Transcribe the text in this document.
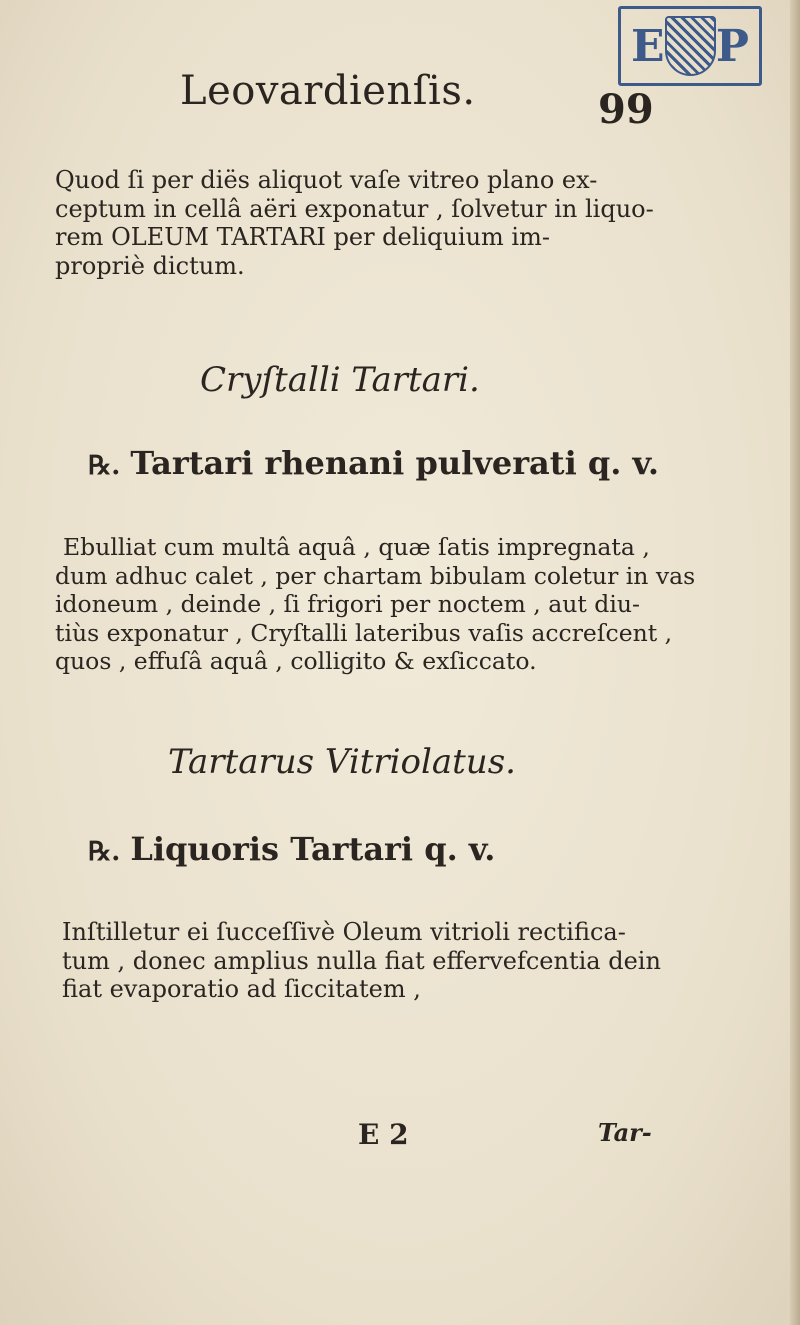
E P
Leovardienſis.	99

Quod ſi per diës aliquot vaſe vitreo plano ex-
ceptum in cellâ aëri exponatur , ſolvetur in liquo-
rem OLEUM TARTARI per deliquium im-
propriè dictum.

Cryſtalli Tartari.
℞. Tartari rhenani pulverati q. v.

Ebulliat cum multâ aquâ , quæ ſatis impregnata ,
dum adhuc calet , per chartam bibulam coletur in vas
idoneum , deinde , ſi frigori per noctem , aut diu-
tiùs exponatur , Cryſtalli lateribus vaſis accreſcent ,
quos , effuſâ aquâ , colligito & exſiccato.

Tartarus Vitriolatus.
℞. Liquoris Tartari q. v.

Inſtilletur ei ſucceſſivè Oleum vitrioli rectifica-
tum , donec amplius nulla fiat effervefcentia dein
fiat evaporatio ad ſiccitatem ,

E 2	Tar-
